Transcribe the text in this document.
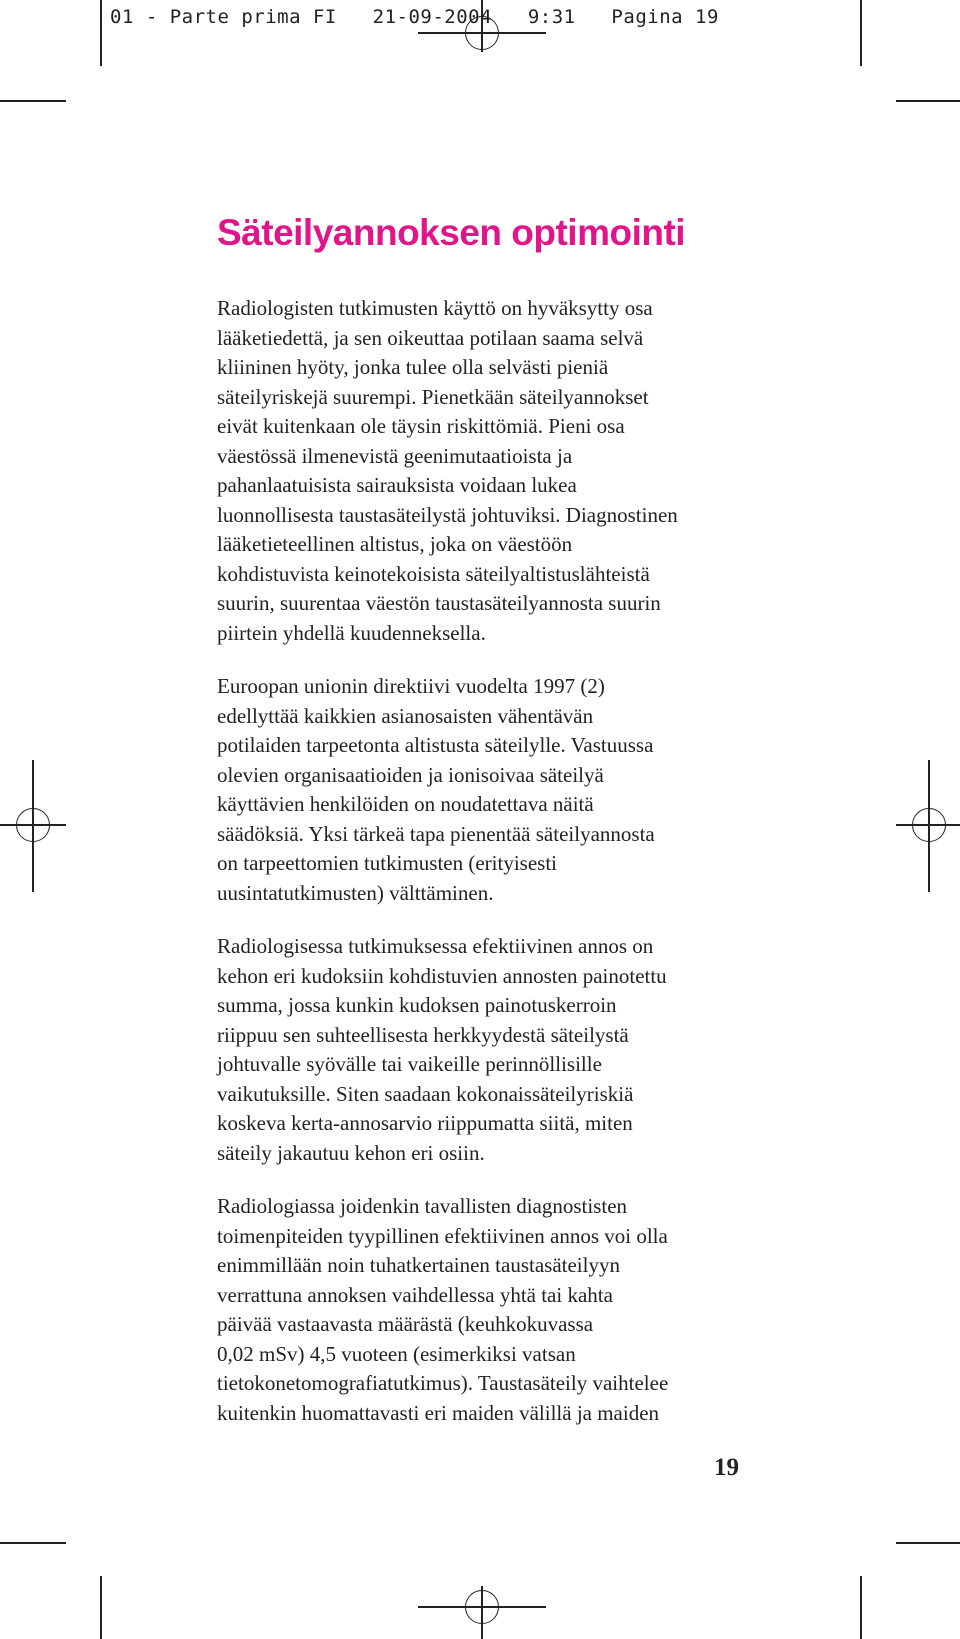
01 - Parte prima FI   21-09-2004   9:31   Pagina 19
Säteilyannoksen optimointi

Radiologisten tutkimusten käyttö on hyväksytty osa
lääketiedettä, ja sen oikeuttaa potilaan saama selvä
kliininen hyöty, jonka tulee olla selvästi pieniä
säteilyriskejä suurempi. Pienetkään säteilyannokset
eivät kuitenkaan ole täysin riskittömiä. Pieni osa
väestössä ilmenevistä geenimutaatioista ja
pahanlaatuisista sairauksista voidaan lukea
luonnollisesta taustasäteilystä johtuviksi. Diagnostinen
lääketieteellinen altistus, joka on väestöön
kohdistuvista keinotekoisista säteilyaltistuslähteistä
suurin, suurentaa väestön taustasäteilyannosta suurin
piirtein yhdellä kuudenneksella.

Euroopan unionin direktiivi vuodelta 1997 (2)
edellyttää kaikkien asianosaisten vähentävän
potilaiden tarpeetonta altistusta säteilylle. Vastuussa
olevien organisaatioiden ja ionisoivaa säteilyä
käyttävien henkilöiden on noudatettava näitä
säädöksiä. Yksi tärkeä tapa pienentää säteilyannosta
on tarpeettomien tutkimusten (erityisesti
uusintatutkimusten) välttäminen.

Radiologisessa tutkimuksessa efektiivinen annos on
kehon eri kudoksiin kohdistuvien annosten painotettu
summa, jossa kunkin kudoksen painotuskerroin
riippuu sen suhteellisesta herkkyydestä säteilystä
johtuvalle syövälle tai vaikeille perinnöllisille
vaikutuksille. Siten saadaan kokonaissäteilyriskiä
koskeva kerta-annosarvio riippumatta siitä, miten
säteily jakautuu kehon eri osiin.

Radiologiassa joidenkin tavallisten diagnostisten
toimenpiteiden tyypillinen efektiivinen annos voi olla
enimmillään noin tuhatkertainen taustasäteilyyn
verrattuna annoksen vaihdellessa yhtä tai kahta
päivää vastaavasta määrästä (keuhkokuvassa
0,02 mSv) 4,5 vuoteen (esimerkiksi vatsan
tietokonetomografiatutkimus). Taustasäteily vaihtelee
kuitenkin huomattavasti eri maiden välillä ja maiden

19
